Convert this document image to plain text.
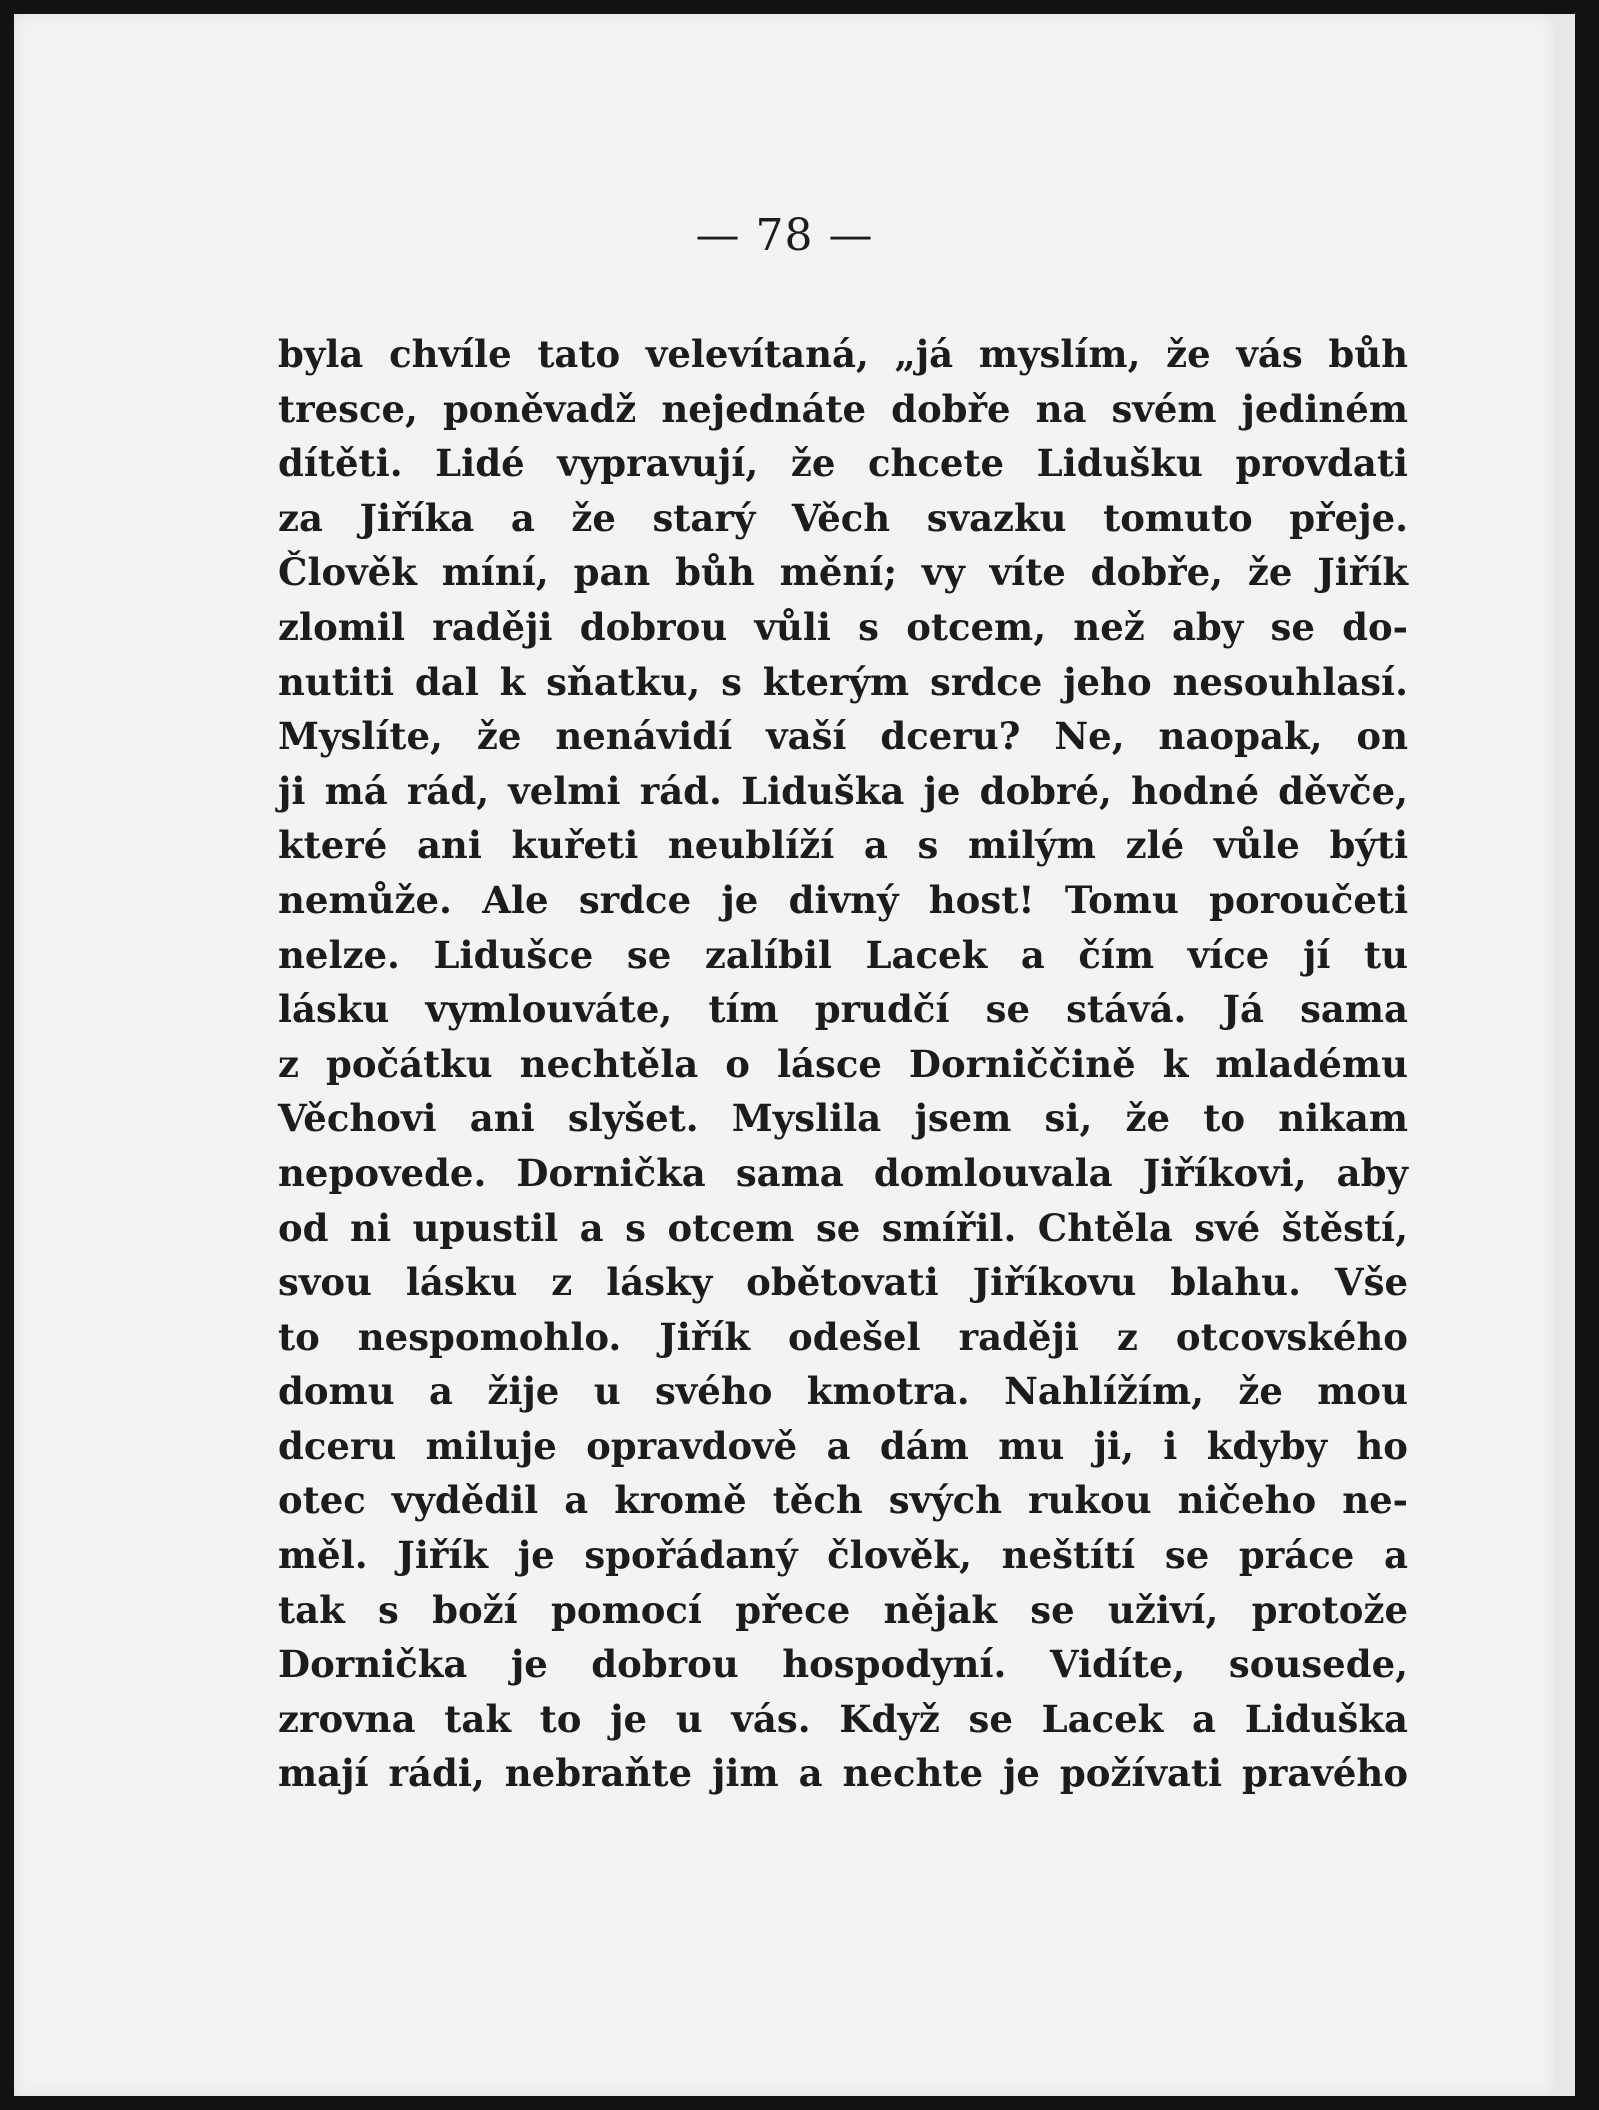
— 78 —
byla chvíle tato velevítaná, „já myslím, že vás bůh
tresce, poněvadž nejednáte dobře na svém jediném
dítěti. Lidé vypravují, že chcete Lidušku provdati
za Jiříka a že starý Věch svazku tomuto přeje.
Člověk míní, pan bůh mění; vy víte dobře, že Jiřík
zlomil raději dobrou vůli s otcem, než aby se do-
nutiti dal k sňatku, s kterým srdce jeho nesouhlasí.
Myslíte, že nenávidí vaší dceru? Ne, naopak, on
ji má rád, velmi rád. Liduška je dobré, hodné děvče,
které ani kuřeti neublíží a s milým zlé vůle býti
nemůže. Ale srdce je divný host! Tomu poroučeti
nelze. Lidušce se zalíbil Lacek a čím více jí tu
lásku vymlouváte, tím prudčí se stává. Já sama
z počátku nechtěla o lásce Dorniččině k mladému
Věchovi ani slyšet. Myslila jsem si, že to nikam
nepovede. Dornička sama domlouvala Jiříkovi, aby
od ni upustil a s otcem se smířil. Chtěla své štěstí,
svou lásku z lásky obětovati Jiříkovu blahu. Vše
to nespomohlo. Jiřík odešel raději z otcovského
domu a žije u svého kmotra. Nahlížím, že mou
dceru miluje opravdově a dám mu ji, i kdyby ho
otec vydědil a kromě těch svých rukou ničeho ne-
měl. Jiřík je spořádaný člověk, neštítí se práce a
tak s boží pomocí přece nějak se uživí, protože
Dornička je dobrou hospodyní. Vidíte, sousede,
zrovna tak to je u vás. Když se Lacek a Liduška
mají rádi, nebraňte jim a nechte je požívati pravého
